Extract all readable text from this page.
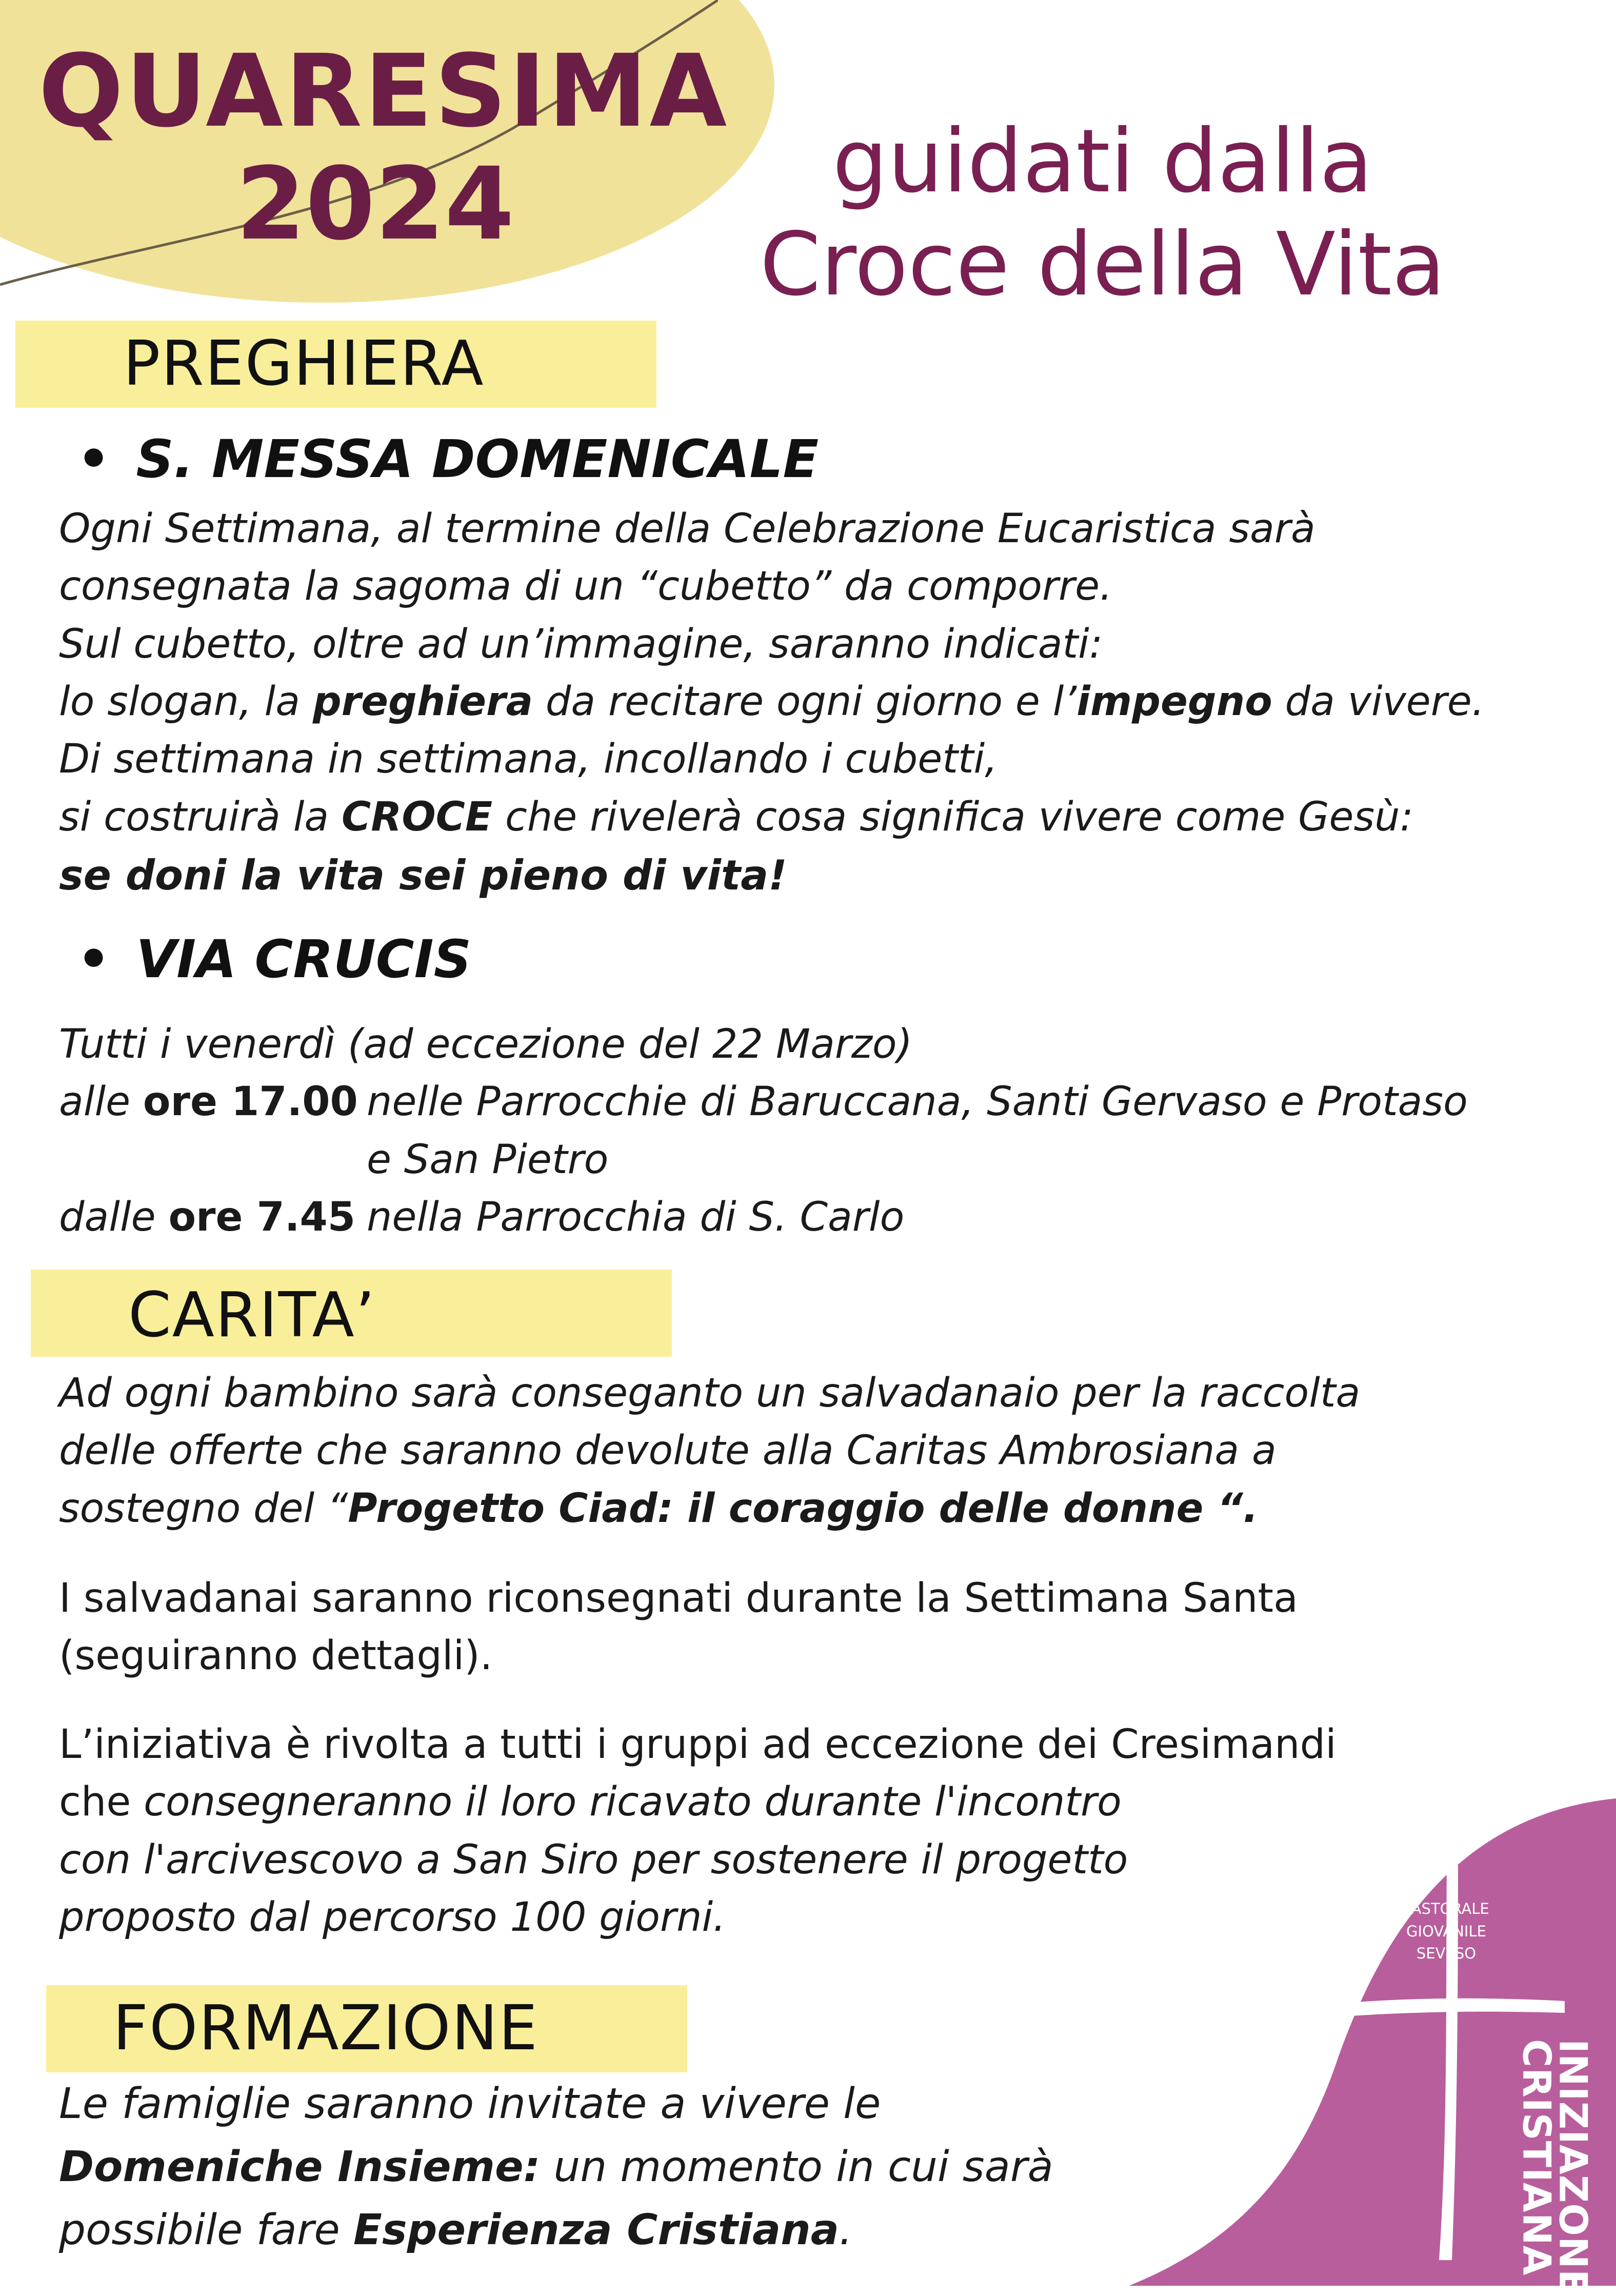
QUARESIMA
2024	guidati dalla
Croce della Vita
PREGHIERA
• S. MESSA DOMENICALE
Ogni Settimana, al termine della Celebrazione Eucaristica sarà
consegnata la sagoma di un “cubetto” da comporre.
Sul cubetto, oltre ad un’immagine, saranno indicati:
lo slogan, la preghiera da recitare ogni giorno e l’impegno da vivere.
Di settimana in settimana, incollando i cubetti,
si costruirà la CROCE che rivelerà cosa significa vivere come Gesù:
se doni la vita sei pieno di vita!
• VIA CRUCIS
Tutti i venerdì (ad eccezione del 22 Marzo)
alle ore 17.00 nelle Parrocchie di Baruccana, Santi Gervaso e Protaso
e San Pietro
dalle ore 7.45 nella Parrocchia di S. Carlo
CARITA’
Ad ogni bambino sarà conseganto un salvadanaio per la raccolta
delle offerte che saranno devolute alla Caritas Ambrosiana a
sostegno del “Progetto Ciad: il coraggio delle donne “.
I salvadanai saranno riconsegnati durante la Settimana Santa
(seguiranno dettagli).
L’iniziativa è rivolta a tutti i gruppi ad eccezione dei Cresimandi
che consegneranno il loro ricavato durante l'incontro
con l'arcivescovo a San Siro per sostenere il progetto
proposto dal percorso 100 giorni.
FORMAZIONE
Le famiglie saranno invitate a vivere le
Domeniche Insieme: un momento in cui sarà
possibile fare Esperienza Cristiana.
PASTORALE
GIOVANILE
SEVESO
INIZIAZONE
CRISTIANA
